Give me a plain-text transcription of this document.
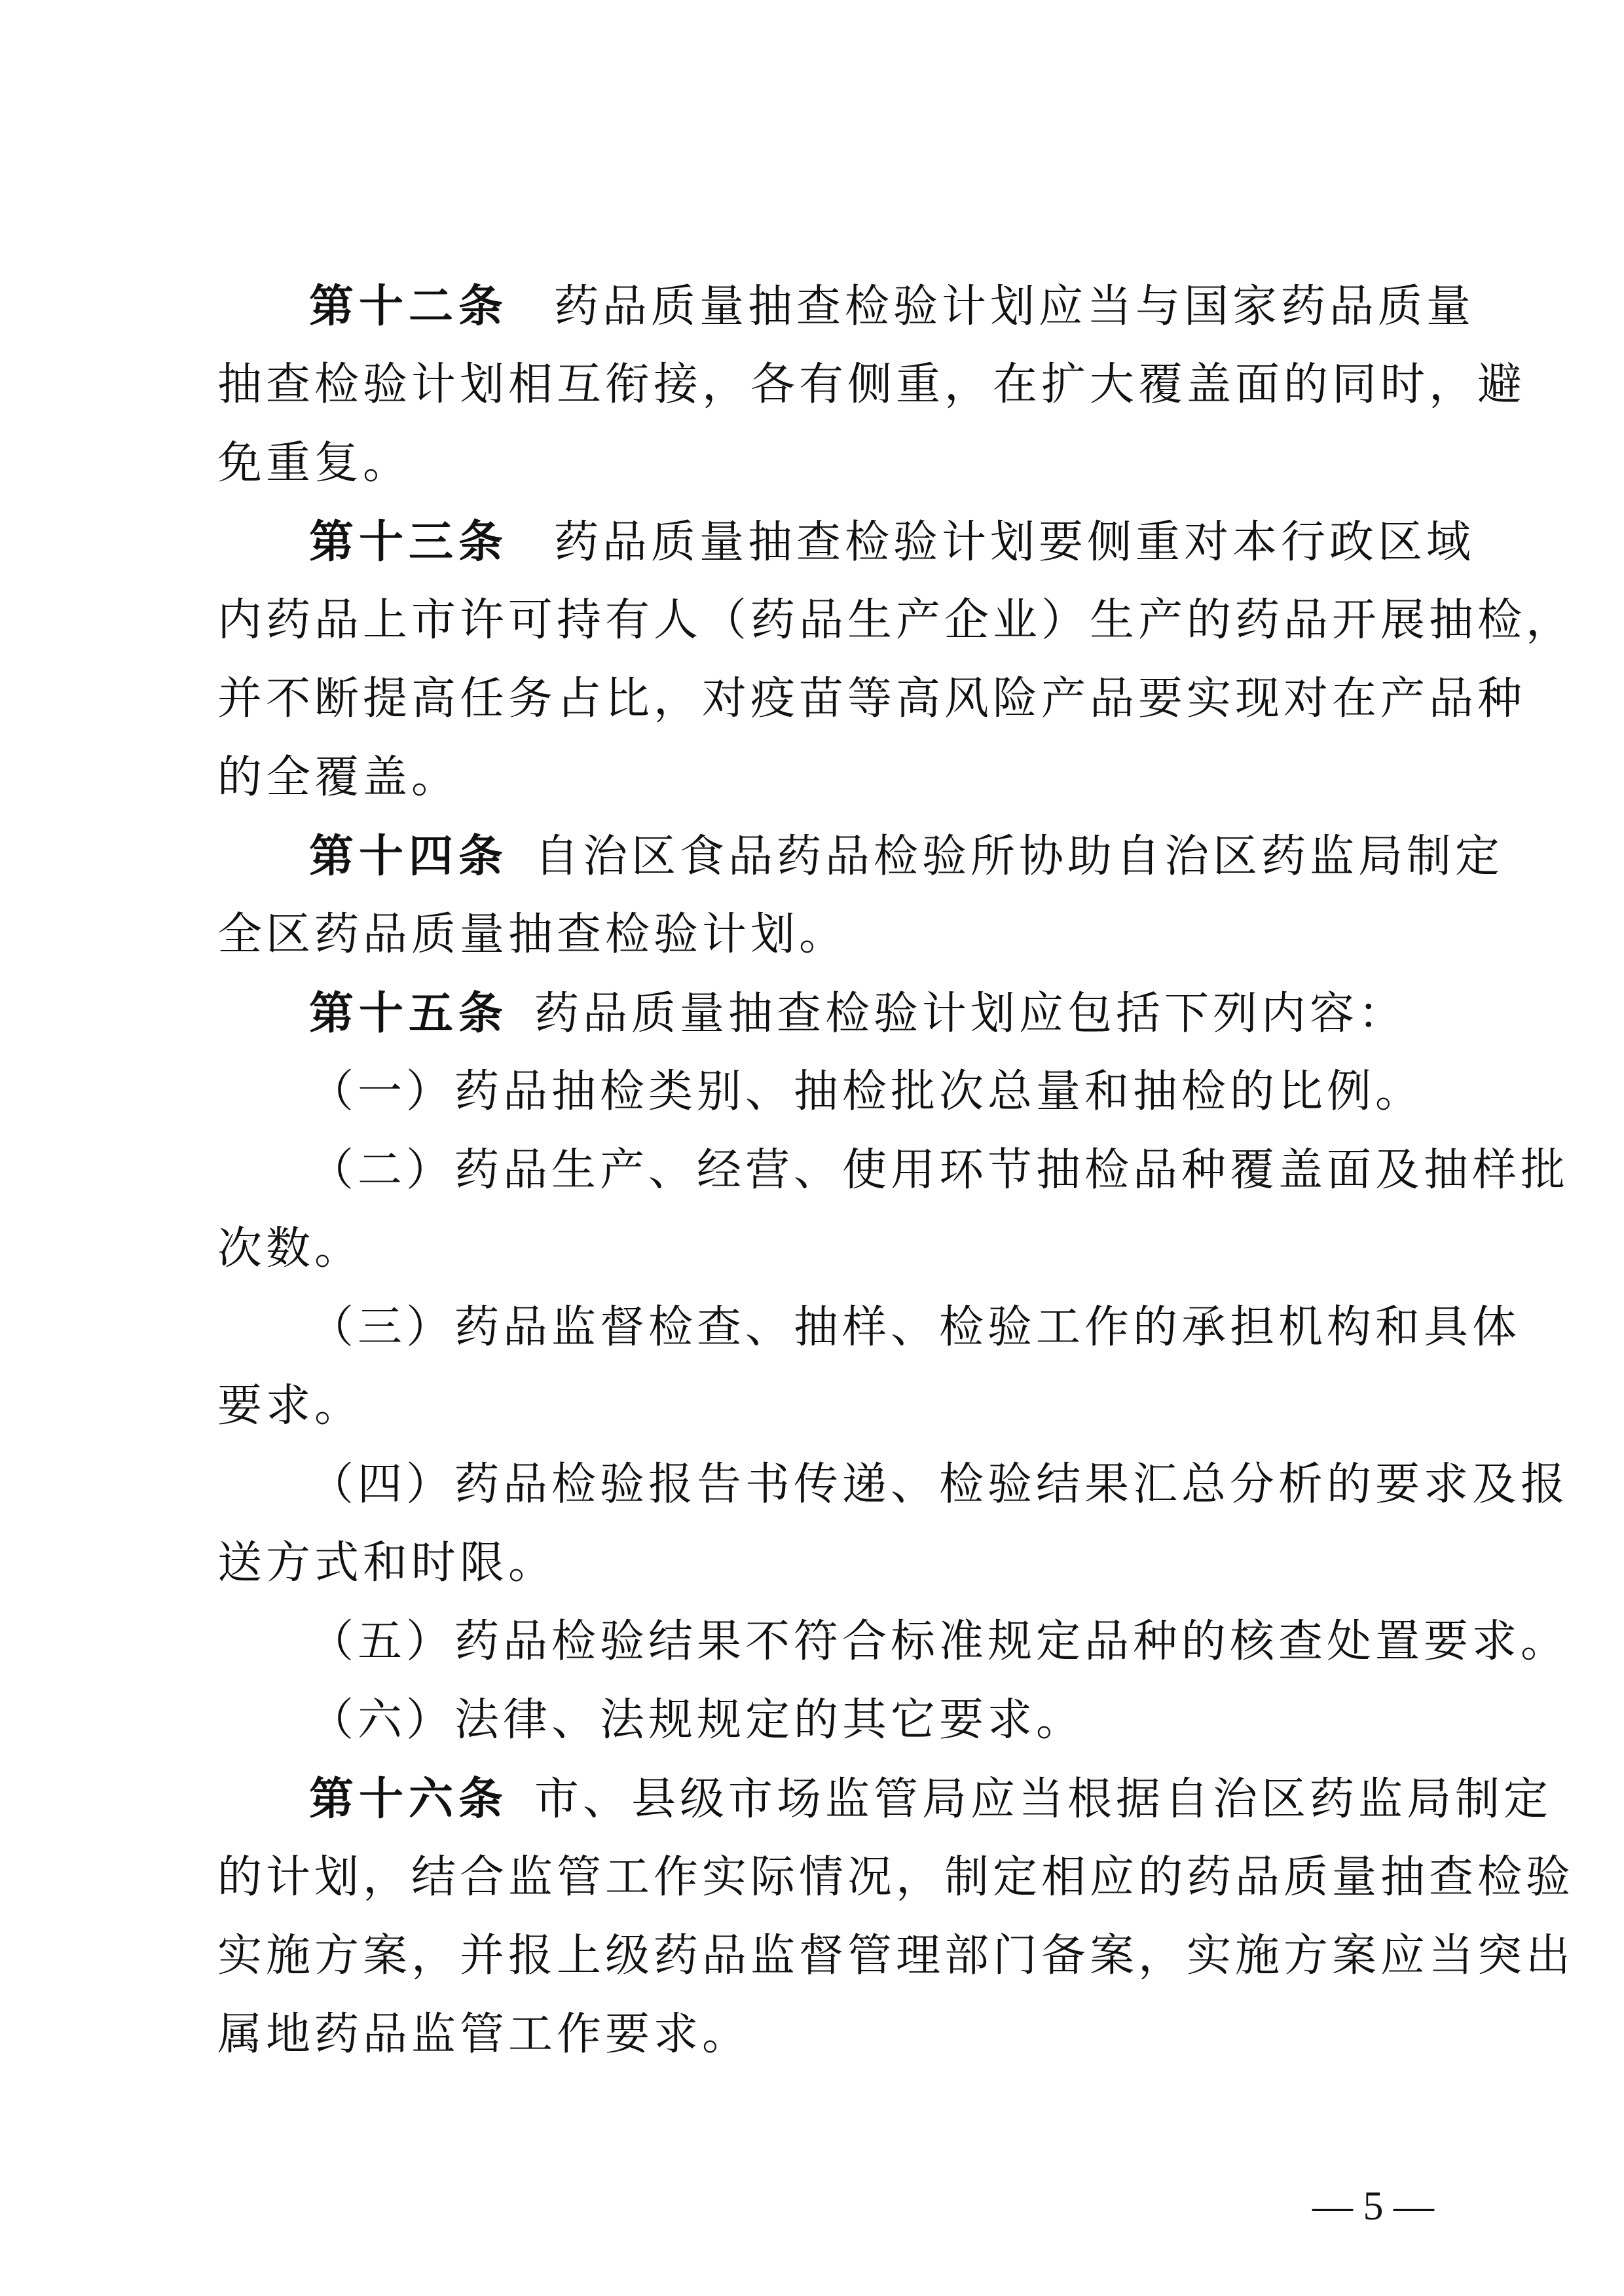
第十二条 药品质量抽查检验计划应当与国家药品质量
抽查检验计划相互衔接，各有侧重，在扩大覆盖面的同时，避
免重复。
第十三条 药品质量抽查检验计划要侧重对本行政区域
内药品上市许可持有人（药品生产企业）生产的药品开展抽检，
并不断提高任务占比，对疫苗等高风险产品要实现对在产品种
的全覆盖。
第十四条 自治区食品药品检验所协助自治区药监局制定
全区药品质量抽查检验计划。
第十五条 药品质量抽查检验计划应包括下列内容：
（一）药品抽检类别、抽检批次总量和抽检的比例。
（二）药品生产、经营、使用环节抽检品种覆盖面及抽样批
次数。
（三）药品监督检查、抽样、检验工作的承担机构和具体
要求。
（四）药品检验报告书传递、检验结果汇总分析的要求及报
送方式和时限。
（五）药品检验结果不符合标准规定品种的核查处置要求。
（六）法律、法规规定的其它要求。
第十六条 市、县级市场监管局应当根据自治区药监局制定
的计划，结合监管工作实际情况，制定相应的药品质量抽查检验
实施方案，并报上级药品监督管理部门备案，实施方案应当突出
属地药品监管工作要求。
— 5 —
